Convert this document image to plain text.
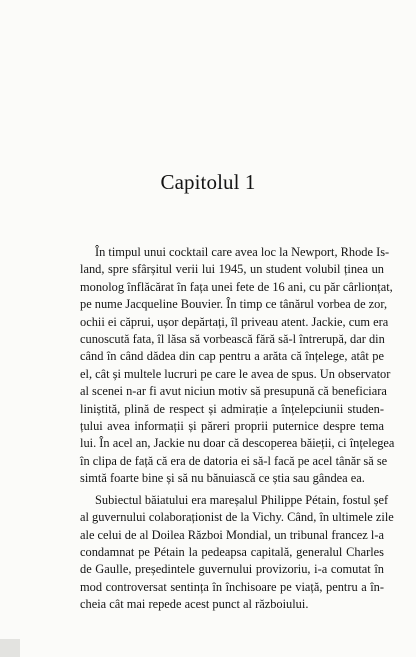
Capitolul 1

În timpul unui cocktail care avea loc la Newport, Rhode Is-
land, spre sfârșitul verii lui 1945, un student volubil ținea un
monolog înflăcărat în fața unei fete de 16 ani, cu păr cârlionțat,
pe nume Jacqueline Bouvier. În timp ce tânărul vorbea de zor,
ochii ei căprui, ușor depărtați, îl priveau atent. Jackie, cum era
cunoscută fata, îl lăsa să vorbească fără să-l întrerupă, dar din
când în când dădea din cap pentru a arăta că înțelege, atât pe
el, cât și multele lucruri pe care le avea de spus. Un observator
al scenei n-ar fi avut niciun motiv să presupună că beneficiara
liniștită, plină de respect și admirație a înțelepciunii studen-
țului avea informații și păreri proprii puternice despre tema
lui. În acel an, Jackie nu doar că descoperea băieții, ci înțelegea
în clipa de față că era de datoria ei să-l facă pe acel tânăr să se
simtă foarte bine și să nu bănuiască ce știa sau gândea ea.

Subiectul băiatului era mareșalul Philippe Pétain, fostul șef
al guvernului colaboraționist de la Vichy. Când, în ultimele zile
ale celui de al Doilea Război Mondial, un tribunal francez l-a
condamnat pe Pétain la pedeapsa capitală, generalul Charles
de Gaulle, președintele guvernului provizoriu, i-a comutat în
mod controversat sentința în închisoare pe viață, pentru a în-
cheia cât mai repede acest punct al războiului.
